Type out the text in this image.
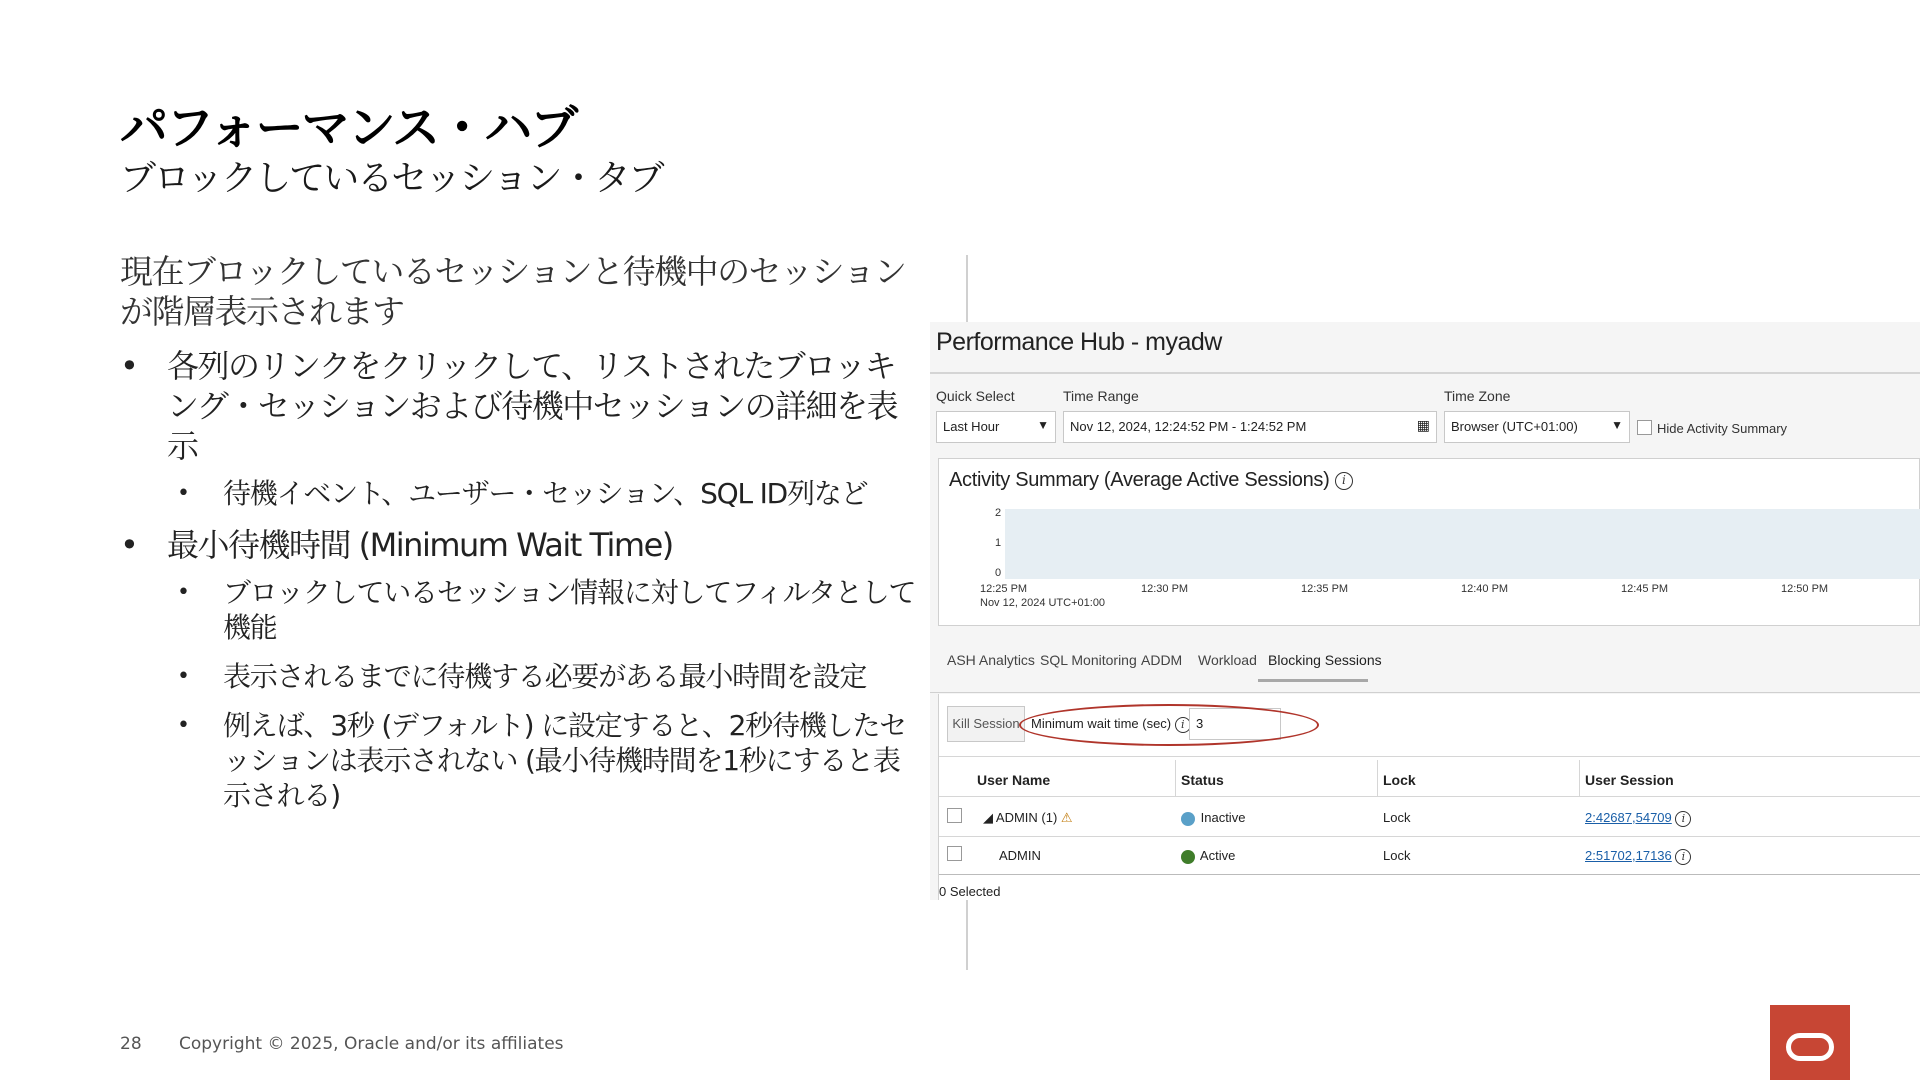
パフォーマンス・ハブ
ブロックしているセッション・タブ
現在ブロックしているセッションと待機中のセッションが階層表示されます
• 各列のリンクをクリックして、リストされたブロッキング・セッションおよび待機中セッションの詳細を表示
• 待機イベント、ユーザー・セッション、SQL ID列など
• 最小待機時間 (Minimum Wait Time)
• ブロックしているセッション情報に対してフィルタとして機能
• 表示されるまでに待機する必要がある最小時間を設定
• 例えば、3秒 (デフォルト) に設定すると、2秒待機したセッションは表示されない (最小待機時間を1秒にすると表示される)
Performance Hub - myadw
Quick Select
Last Hour	▼
Time Range
Nov 12, 2024, 12:24:52 PM - 1:24:52 PM	▦
Time Zone
Browser (UTC+01:00)	▼	Hide Activity Summary
Activity Summary (Average Active Sessions) i
2
1
0
12:25 PM
Nov 12, 2024 UTC+01:00
12:30 PM	12:35 PM	12:40 PM	12:45 PM	12:50 PM
ASH Analytics SQL Monitoring ADDM Workload Blocking Sessions
Kill Session Minimum wait time (sec) i 3
User Name	Status	Lock	User Session
◢ ADMIN (1) ⚠	Inactive	Lock	2:42687,54709 i
ADMIN	Active	Lock	2:51702,17136 i
0 Selected
28 Copyright © 2025, Oracle and/or its affiliates
